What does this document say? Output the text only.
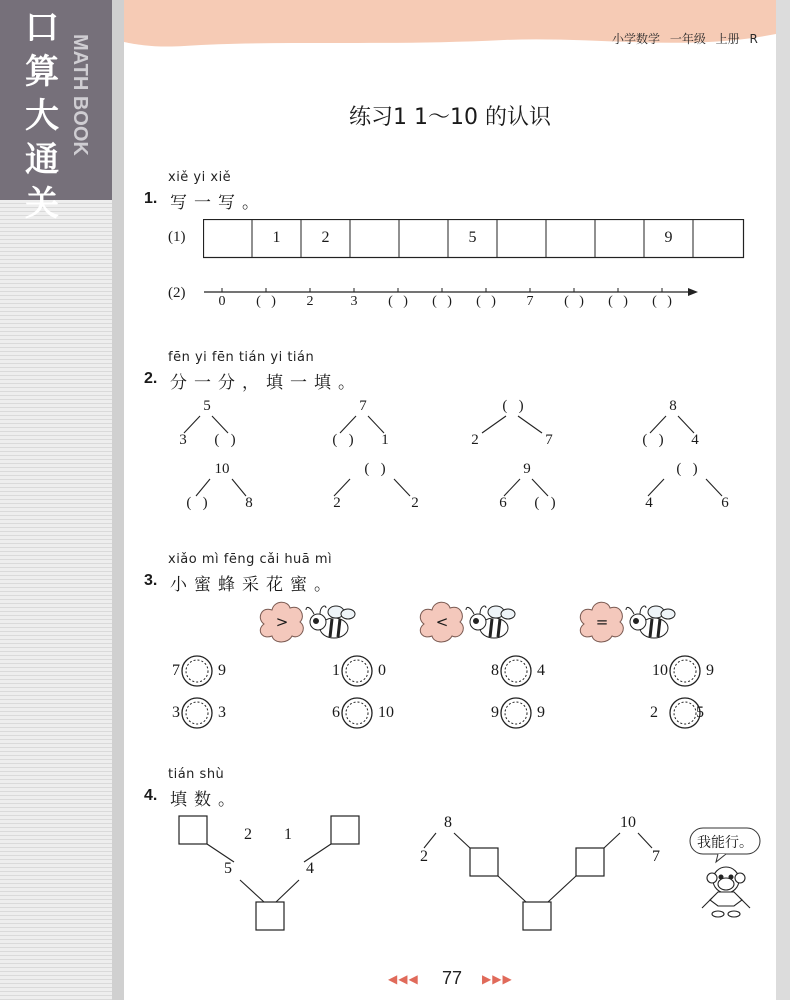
口算大通关
MATH BOOK	小学数学 一年级 上册 R
练习1 1～10 的认识
xiě yi xiě
1. 写一写。
(1)	1	2	5	9
(2)
0	(   )	2	3	(   )	(   )	(   )	7	(   )	(   )	(   )
fēn yi fēn tián yi tián
2. 分一分，填一填。
5
3	(   )
7
(   )	1
(   )
2	7
8
(   )	4
10
(   )	8
(   )
2	2
9
6	(   )
(   )
4	6
xiǎo mì fēng cǎi huā mì
3. 小蜜蜂采花蜜。
>	<	=
7 9	1 0	8 4	10 9
3 3	6 10	9 9	2 5
tián shù
4. 填数。
2 1
5	4
8
2
10
7
我能行。
◀◀◀	77	▶▶▶
